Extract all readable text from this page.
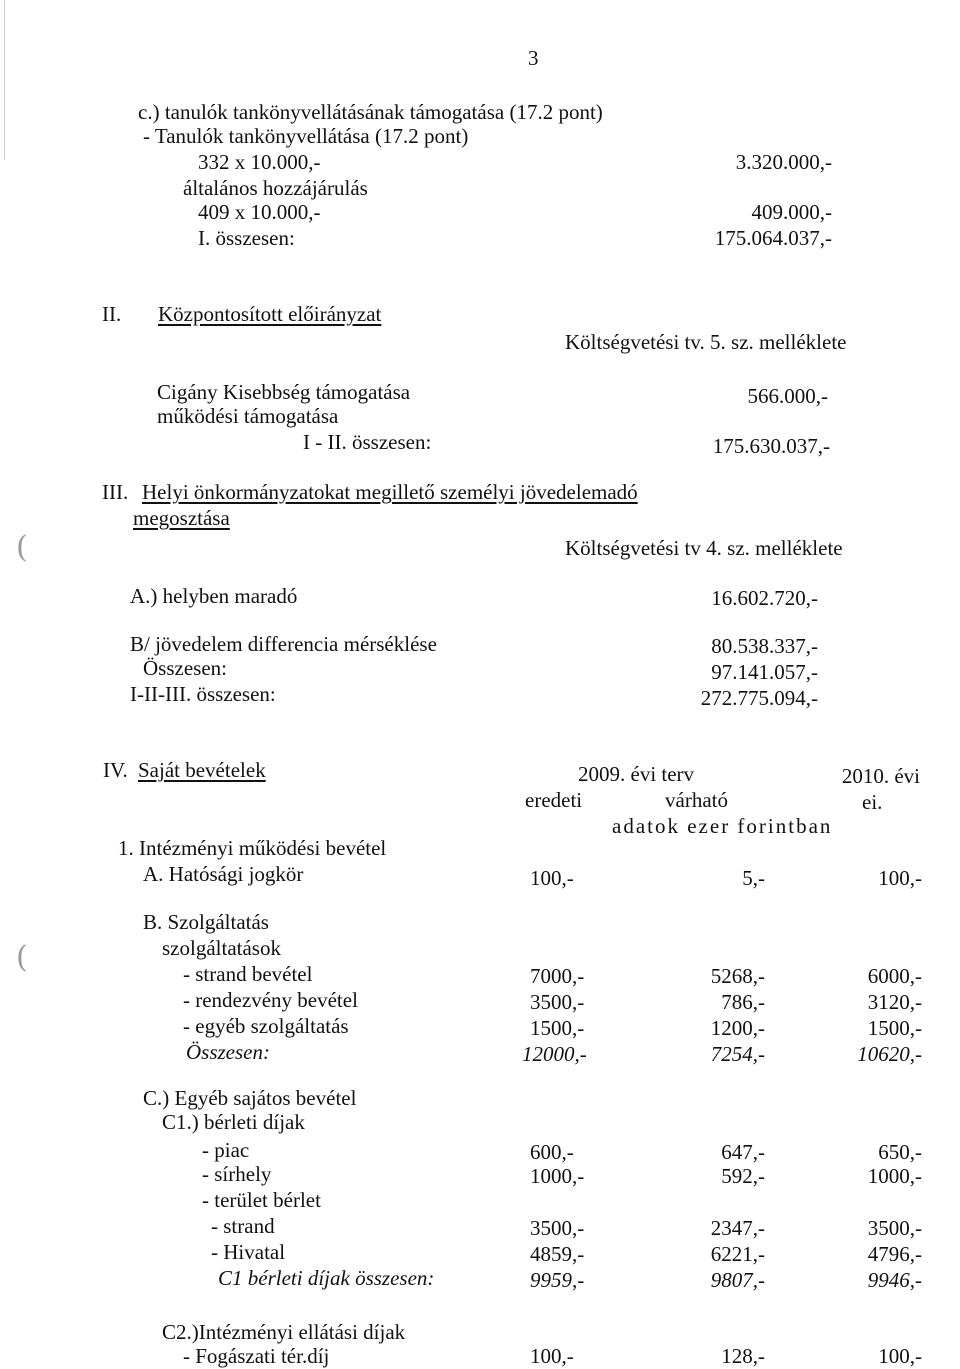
(
(
3
c.) tanulók tankönyvellátásának támogatása (17.2 pont)
- Tanulók tankönyvellátása (17.2 pont)
332 x 10.000,-	3.320.000,-
általános hozzájárulás
409 x 10.000,-	409.000,-
I. összesen:	175.064.037,-
II. Központosított előirányzat
Költségvetési tv. 5. sz. melléklete
Cigány Kisebbség támogatása	566.000,-
működési támogatása
I - II. összesen:	175.630.037,-
III. Helyi önkormányzatokat megillető személyi jövedelemadó
megosztása
Költségvetési tv 4. sz. melléklete
A.) helyben maradó	16.602.720,-
B/ jövedelem differencia mérséklése	80.538.337,-
Összesen:	97.141.057,-
I-II-III. összesen:	272.775.094,-
IV. Saját bevételek	2009. évi terv	2010. évi
eredeti	várható	ei.
adatok ezer forintban
1. Intézményi működési bevétel
A. Hatósági jogkör	100,-	5,-	100,-
B. Szolgáltatás
szolgáltatások
- strand bevétel	7000,-	5268,-	6000,-
- rendezvény bevétel	3500,-	786,-	3120,-
- egyéb szolgáltatás	1500,-	1200,-	1500,-
Összesen:	12000,-	7254,-	10620,-
C.) Egyéb sajátos bevétel
C1.) bérleti díjak
- piac	600,-	647,-	650,-
- sírhely	1000,-	592,-	1000,-
- terület bérlet
- strand	3500,-	2347,-	3500,-
- Hivatal	4859,-	6221,-	4796,-
C1 bérleti díjak összesen:	9959,-	9807,-	9946,-
C2.)Intézményi ellátási díjak
- Fogászati tér.díj	100,-	128,-	100,-
